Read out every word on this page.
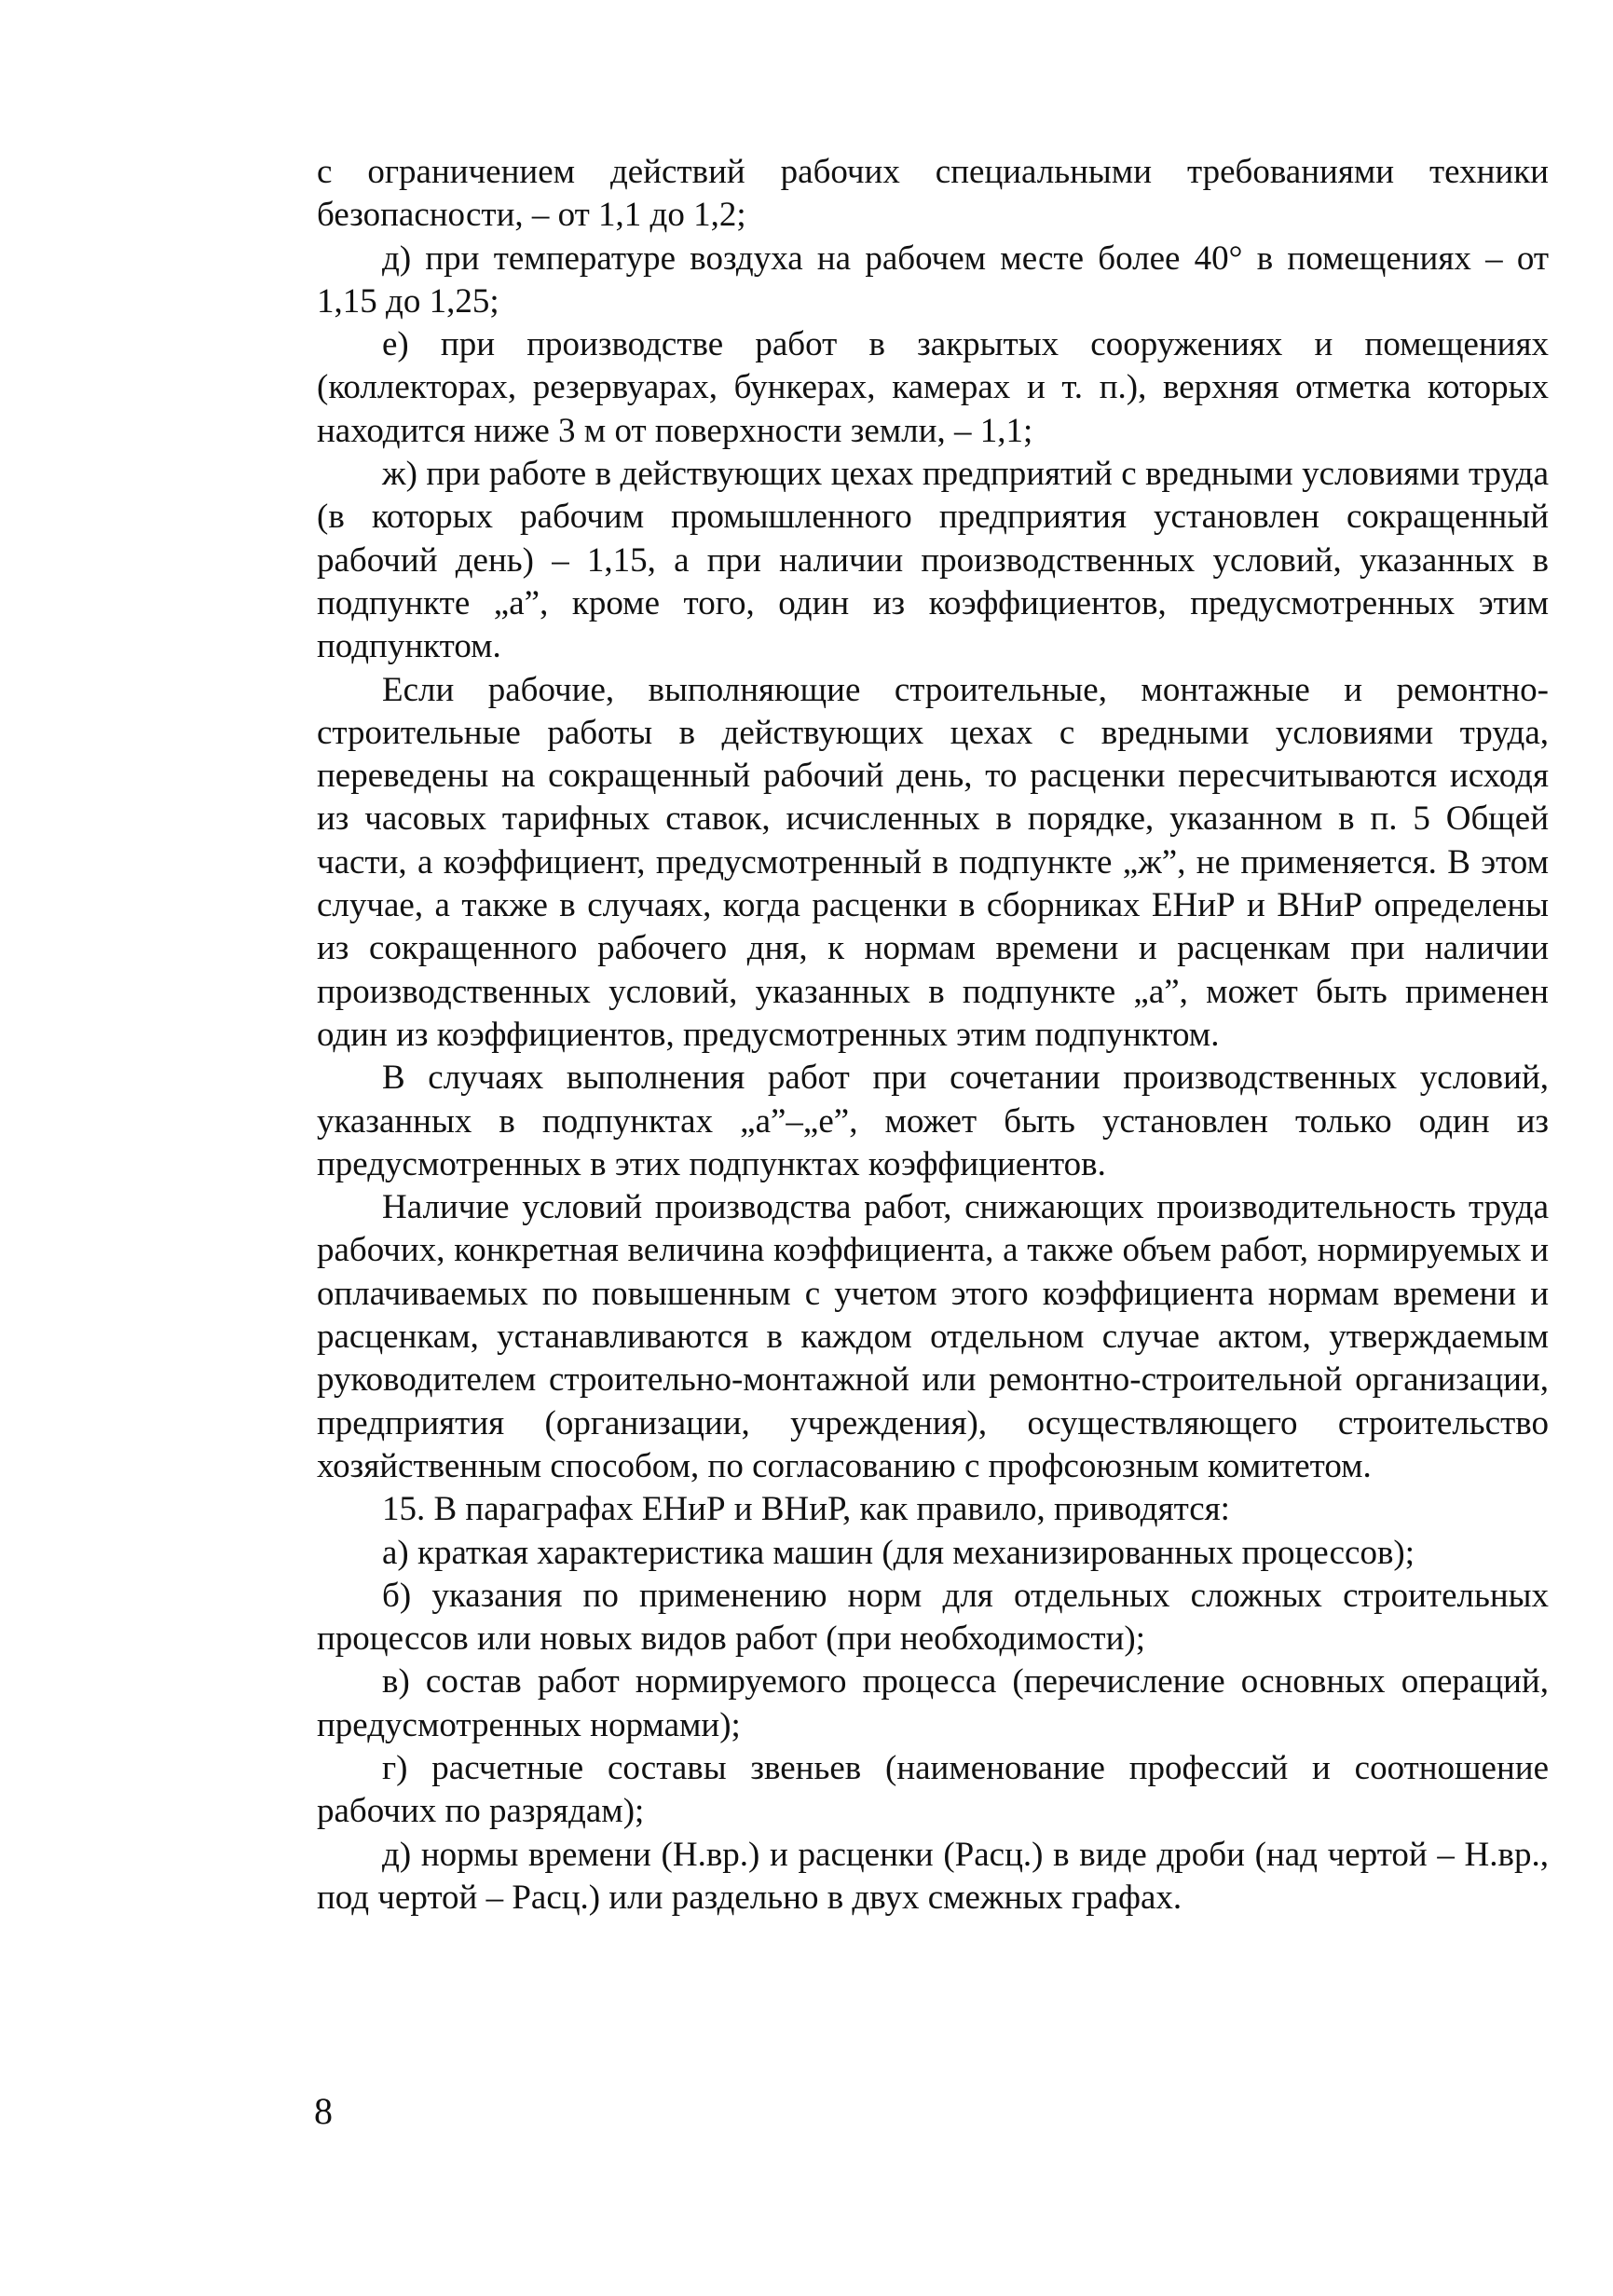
с ограничением действий рабочих специальными требованиями техники безопасности, – от 1,1 до 1,2;

д) при температуре воздуха на рабочем месте более 40° в помещениях – от 1,15 до 1,25;

е) при производстве работ в закрытых сооружениях и помещениях (коллекторах, резервуарах, бункерах, камерах и т. п.), верхняя отметка которых находится ниже 3 м от поверхности земли, – 1,1;

ж) при работе в действующих цехах предприятий с вредными условиями труда (в которых рабочим промышленного предприятия установлен сокращенный рабочий день) – 1,15, а при наличии производственных условий, указанных в подпункте „а”, кроме того, один из коэффициентов, предусмотренных этим подпунктом.

Если рабочие, выполняющие строительные, монтажные и ремонтно-строительные работы в действующих цехах с вредными условиями труда, переведены на сокращенный рабочий день, то расценки пересчитываются исходя из часовых тарифных ставок, исчисленных в порядке, указанном в п. 5 Общей части, а коэффициент, предусмотренный в подпункте „ж”, не применяется. В этом случае, а также в случаях, когда расценки в сборниках ЕНиР и ВНиР определены из сокращенного рабочего дня, к нормам времени и расценкам при наличии производственных условий, указанных в подпункте „а”, может быть применен один из коэффициентов, предусмотренных этим подпунктом.

В случаях выполнения работ при сочетании производственных условий, указанных в подпунктах „а”–„е”, может быть установлен только один из предусмотренных в этих подпунктах коэффициентов.

Наличие условий производства работ, снижающих производительность труда рабочих, конкретная величина коэффициента, а также объем работ, нормируемых и оплачиваемых по повышенным с учетом этого коэффициента нормам времени и расценкам, устанавливаются в каждом отдельном случае актом, утверждаемым руководителем строительно-монтажной или ремонтно-строительной организации, предприятия (организации, учреждения), осуществляющего строительство хозяйственным способом, по согласованию с профсоюзным комитетом.

15. В параграфах ЕНиР и ВНиР, как правило, приводятся:

а) краткая характеристика машин (для механизированных процессов);

б) указания по применению норм для отдельных сложных строительных процессов или новых видов работ (при необходимости);

в) состав работ нормируемого процесса (перечисление основных операций, предусмотренных нормами);

г) расчетные составы звеньев (наименование профессий и соотношение рабочих по разрядам);

д) нормы времени (Н.вр.) и расценки (Расц.) в виде дроби (над чертой – Н.вр., под чертой – Расц.) или раздельно в двух смежных графах.

8
